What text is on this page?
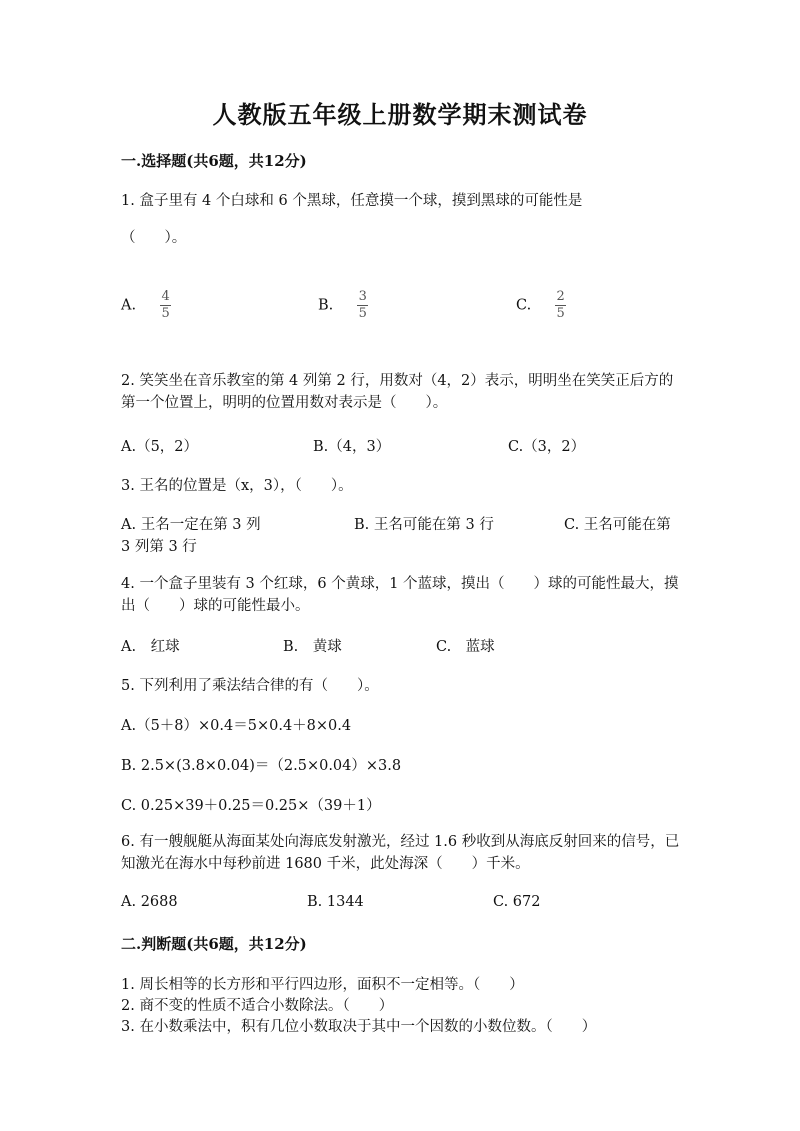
人教版五年级上册数学期末测试卷
一.选择题(共6题，共12分)
1. 盒子里有 4 个白球和 6 个黑球，任意摸一个球，摸到黑球的可能性是
（　　）。
A. $\frac{4}{5}$	B. $\frac{3}{5}$	C. $\frac{2}{5}$
2. 笑笑坐在音乐教室的第 4 列第 2 行，用数对（4，2）表示，明明坐在笑笑正后方的第一个位置上，明明的位置用数对表示是（　　）。
A.（5，2）	B.（4，3）	C.（3，2）
3. 王名的位置是（x，3），（　　）。
A. 王名一定在第 3 列	B. 王名可能在第 3 行	C. 王名可能在第
3 列第 3 行
4. 一个盒子里装有 3 个红球，6 个黄球，1 个蓝球，摸出（　　）球的可能性最大，摸出（　　）球的可能性最小。
A.　红球	B.　黄球	C.　蓝球
5. 下列利用了乘法结合律的有（　　）。
A.（5＋8）×0.4＝5×0.4＋8×0.4
B. 2.5×(3.8×0.04)＝（2.5×0.04）×3.8
C. 0.25×39＋0.25＝0.25×（39＋1）
6. 有一艘舰艇从海面某处向海底发射激光，经过 1.6 秒收到从海底反射回来的信号，已知激光在海水中每秒前进 1680 千米，此处海深（　　）千米。
A. 2688	B. 1344	C. 672
二.判断题(共6题，共12分)
1. 周长相等的长方形和平行四边形，面积不一定相等。（　　）
2. 商不变的性质不适合小数除法。（　　）
3. 在小数乘法中，积有几位小数取决于其中一个因数的小数位数。（　　）
